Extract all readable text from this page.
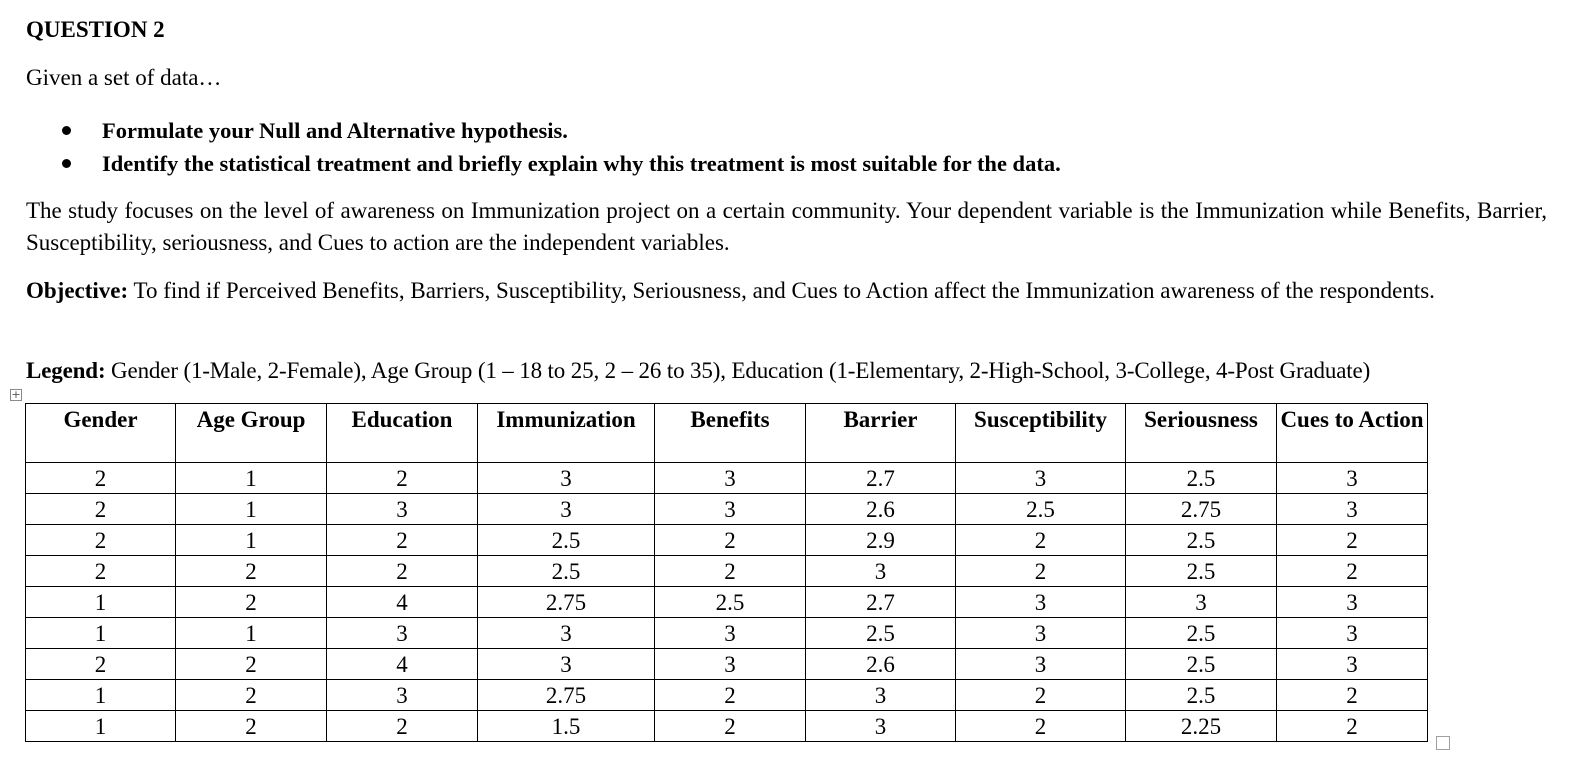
QUESTION 2

Given a set of data…

Formulate your Null and Alternative hypothesis.
Identify the statistical treatment and briefly explain why this treatment is most suitable for the data.

The study focuses on the level of awareness on Immunization project on a certain community. Your dependent variable is the Immunization while Benefits, Barrier, Susceptibility, seriousness, and Cues to action are the independent variables.

Objective: To find if Perceived Benefits, Barriers, Susceptibility, Seriousness, and Cues to Action affect the Immunization awareness of the respondents.

Legend: Gender (1-Male, 2-Female), Age Group (1 – 18 to 25, 2 – 26 to 35), Education (1-Elementary, 2-High-School, 3-College, 4-Post Graduate)

+
Gender	Age Group	Education	Immunization	Benefits	Barrier	Susceptibility	Seriousness	Cues to Action
2	1	2	3	3	2.7	3	2.5	3
2	1	3	3	3	2.6	2.5	2.75	3
2	1	2	2.5	2	2.9	2	2.5	2
2	2	2	2.5	2	3	2	2.5	2
1	2	4	2.75	2.5	2.7	3	3	3
1	1	3	3	3	2.5	3	2.5	3
2	2	4	3	3	2.6	3	2.5	3
1	2	3	2.75	2	3	2	2.5	2
1	2	2	1.5	2	3	2	2.25	2
